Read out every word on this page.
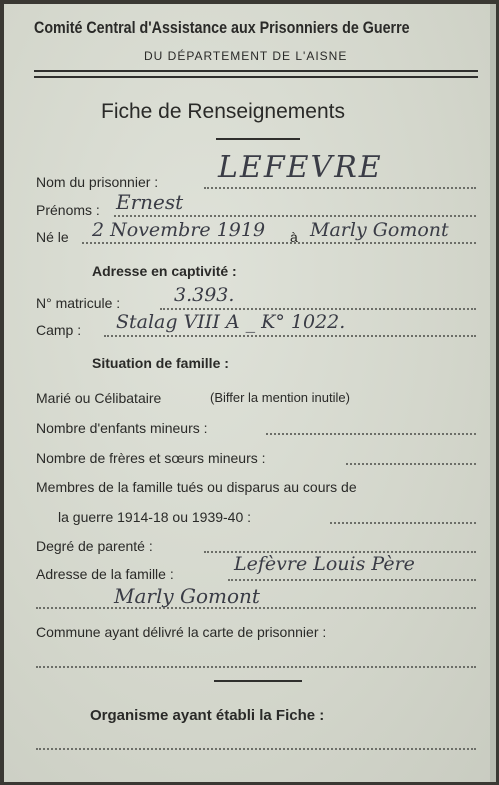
Comité Central d'Assistance aux Prisonniers de Guerre
DU DÉPARTEMENT DE L'AISNE
Fiche de Renseignements
Nom du prisonnier : LEFEVRE
Prénoms : Ernest
Né le 2 Novembre 1919 à Marly Gomont
Adresse en captivité :
N° matricule :	3.393.
Camp : Stalag VIII A _ K° 1022.
Situation de famille :
Marié ou Célibataire	(Biffer la mention inutile)
Nombre d'enfants mineurs :
Nombre de frères et sœurs mineurs :
Membres de la famille tués ou disparus au cours de
la guerre 1914-18 ou 1939-40 :
Degré de parenté :
Adresse de la famille :	Lefèvre Louis Père
Marly Gomont
Commune ayant délivré la carte de prisonnier :
Organisme ayant établi la Fiche :
